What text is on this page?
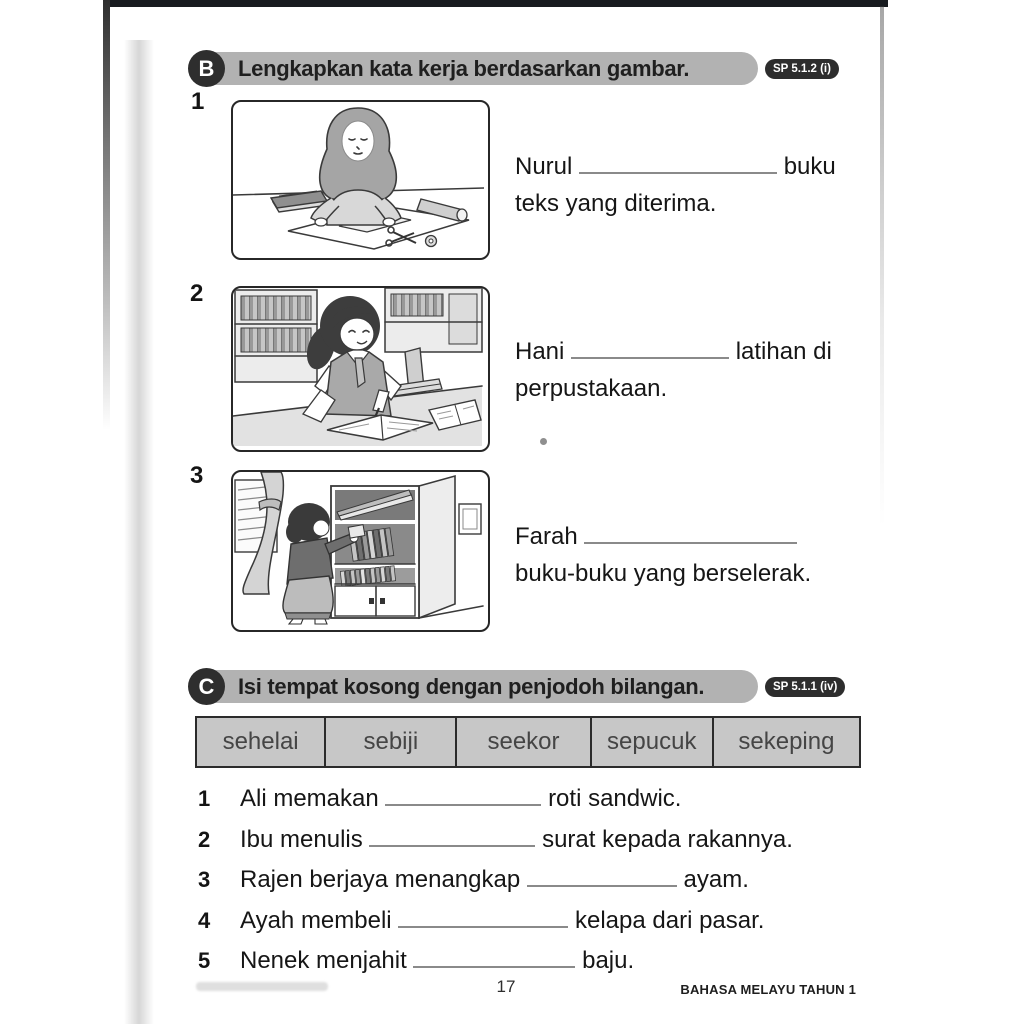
B	Lengkapkan kata kerja berdasarkan gambar.	SP 5.1.2 (i)
1
Nurul	buku teks yang diterima.
2
Hani	latihan di perpustakaan.
3
Farah  buku-buku yang berselerak.
C	Isi tempat kosong dengan penjodoh bilangan.	SP 5.1.1 (iv)
sehelai	sebiji	seekor	sepucuk	sekeping
1	Ali memakan	roti sandwic.
2	Ibu menulis	surat kepada rakannya.
3	Rajen berjaya menangkap	ayam.
4	Ayah membeli	kelapa dari pasar.
5	Nenek menjahit	baju.
17	BAHASA MELAYU TAHUN 1
